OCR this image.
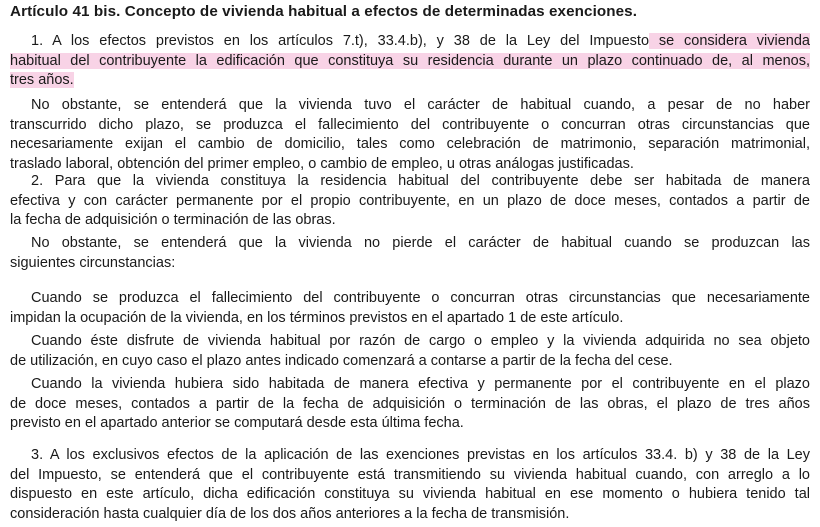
Artículo 41 bis. Concepto de vivienda habitual a efectos de determinadas exenciones.
1. A los efectos previstos en los artículos 7.t), 33.4.b), y 38 de la Ley del Impuesto se considera vivienda
habitual del contribuyente la edificación que constituya su residencia durante un plazo continuado de, al menos,
tres años.
No obstante, se entenderá que la vivienda tuvo el carácter de habitual cuando, a pesar de no haber
transcurrido dicho plazo, se produzca el fallecimiento del contribuyente o concurran otras circunstancias que
necesariamente exijan el cambio de domicilio, tales como celebración de matrimonio, separación matrimonial,
traslado laboral, obtención del primer empleo, o cambio de empleo, u otras análogas justificadas.
2. Para que la vivienda constituya la residencia habitual del contribuyente debe ser habitada de manera
efectiva y con carácter permanente por el propio contribuyente, en un plazo de doce meses, contados a partir de
la fecha de adquisición o terminación de las obras.
No obstante, se entenderá que la vivienda no pierde el carácter de habitual cuando se produzcan las
siguientes circunstancias:
Cuando se produzca el fallecimiento del contribuyente o concurran otras circunstancias que necesariamente
impidan la ocupación de la vivienda, en los términos previstos en el apartado 1 de este artículo.
Cuando éste disfrute de vivienda habitual por razón de cargo o empleo y la vivienda adquirida no sea objeto
de utilización, en cuyo caso el plazo antes indicado comenzará a contarse a partir de la fecha del cese.
Cuando la vivienda hubiera sido habitada de manera efectiva y permanente por el contribuyente en el plazo
de doce meses, contados a partir de la fecha de adquisición o terminación de las obras, el plazo de tres años
previsto en el apartado anterior se computará desde esta última fecha.
3. A los exclusivos efectos de la aplicación de las exenciones previstas en los artículos 33.4. b) y 38 de la Ley
del Impuesto, se entenderá que el contribuyente está transmitiendo su vivienda habitual cuando, con arreglo a lo
dispuesto en este artículo, dicha edificación constituya su vivienda habitual en ese momento o hubiera tenido tal
consideración hasta cualquier día de los dos años anteriores a la fecha de transmisión.
